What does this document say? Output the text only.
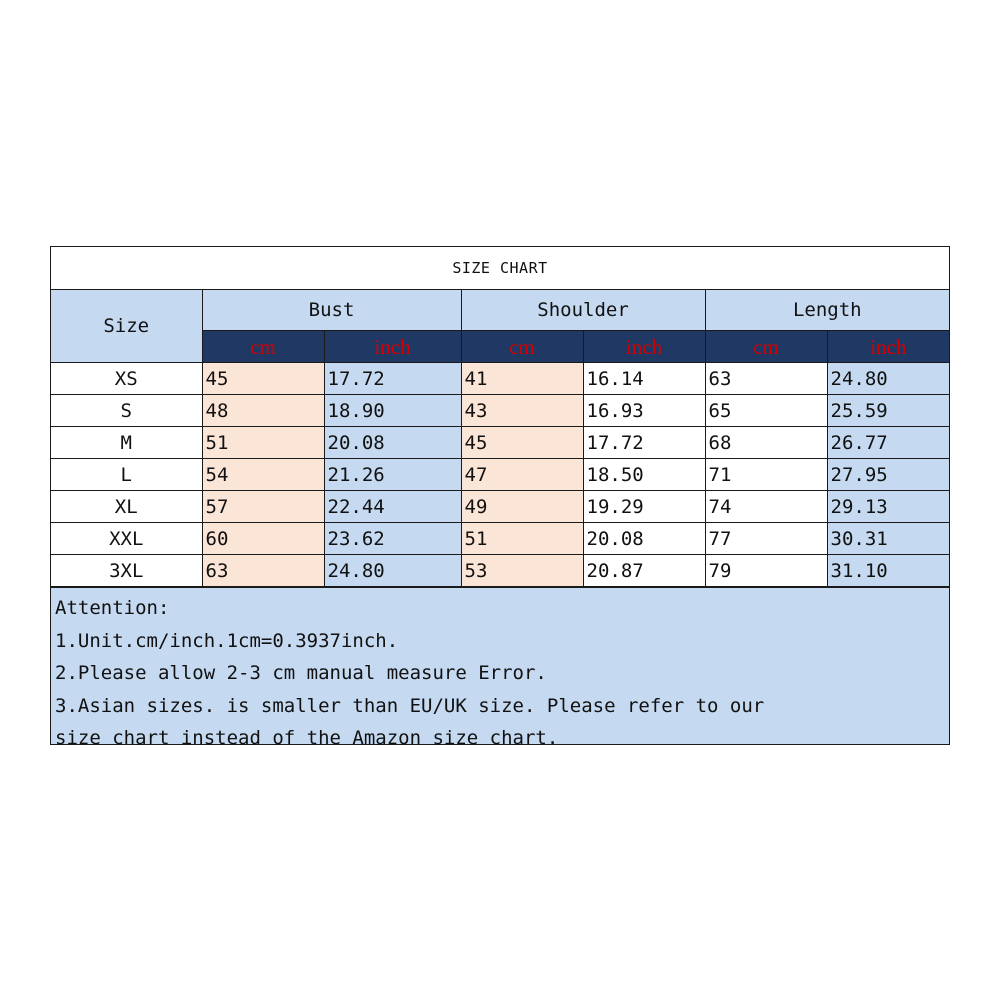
SIZE CHART
Size	Bust		Shoulder		Length	
	cm	inch	cm	inch	cm	inch
XS	45	17.72	41	16.14	63	24.80
S	48	18.90	43	16.93	65	25.59
M	51	20.08	45	17.72	68	26.77
L	54	21.26	47	18.50	71	27.95
XL	57	22.44	49	19.29	74	29.13
XXL	60	23.62	51	20.08	77	30.31
3XL	63	24.80	53	20.87	79	31.10
Attention:
1.Unit.cm/inch.1cm=0.3937inch.
2.Please allow 2-3 cm manual measure Error.
3.Asian sizes. is smaller than EU/UK size. Please refer to our
size chart instead of the Amazon size chart.
